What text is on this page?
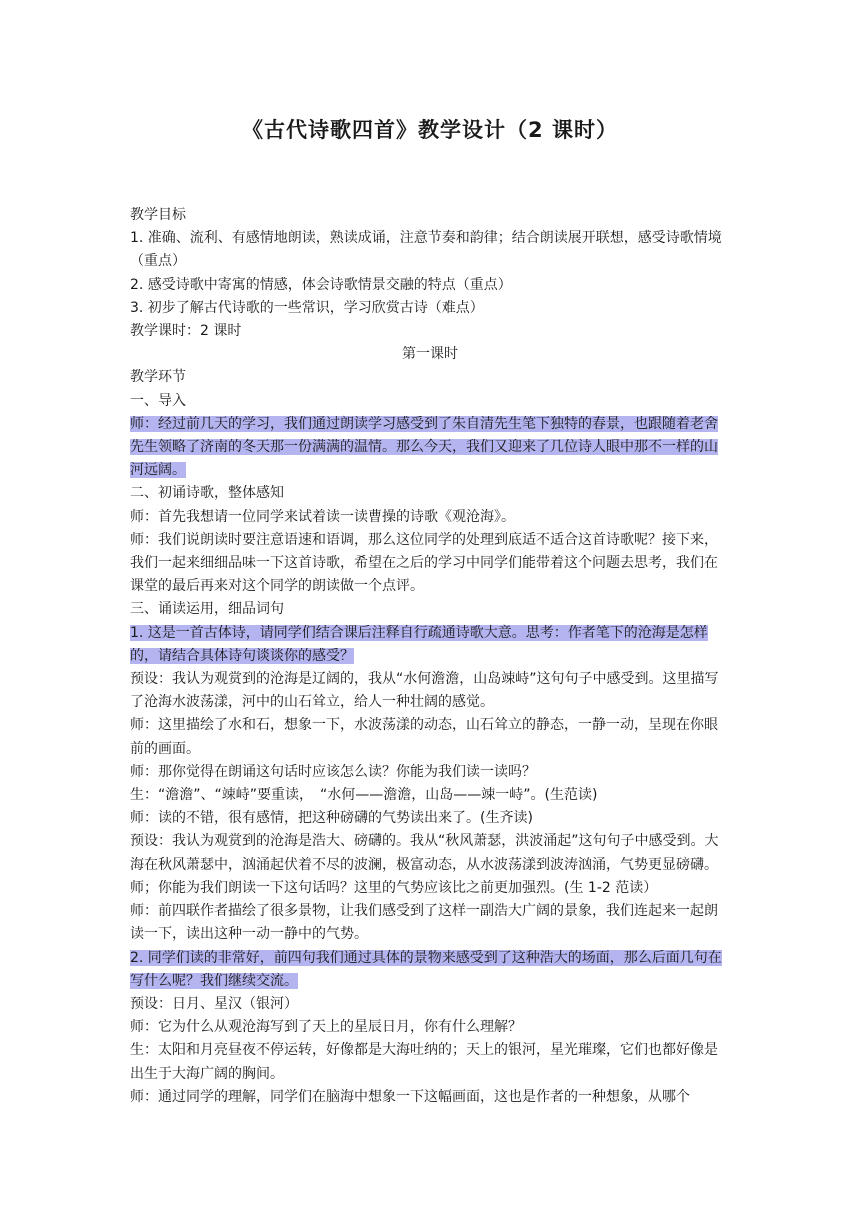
《古代诗歌四首》教学设计（2 课时）
教学目标
1. 准确、流利、有感情地朗读，熟读成诵，注意节奏和韵律；结合朗读展开联想，感受诗歌情境（重点）
2. 感受诗歌中寄寓的情感，体会诗歌情景交融的特点（重点）
3. 初步了解古代诗歌的一些常识，学习欣赏古诗（难点）
教学课时：2 课时
第一课时
教学环节
一、导入
师：经过前几天的学习，我们通过朗读学习感受到了朱自清先生笔下独特的春景，也跟随着老舍先生领略了济南的冬天那一份满满的温情。那么今天，我们又迎来了几位诗人眼中那不一样的山河远阔。
二、初诵诗歌，整体感知
师：首先我想请一位同学来试着读一读曹操的诗歌《观沧海》。
师：我们说朗读时要注意语速和语调，那么这位同学的处理到底适不适合这首诗歌呢？接下来，我们一起来细细品味一下这首诗歌，希望在之后的学习中同学们能带着这个问题去思考，我们在课堂的最后再来对这个同学的朗读做一个点评。
三、诵读运用，细品词句
1. 这是一首古体诗，请同学们结合课后注释自行疏通诗歌大意。思考：作者笔下的沧海是怎样的，请结合具体诗句谈谈你的感受？
预设：我认为观赏到的沧海是辽阔的，我从“水何澹澹，山岛竦峙”这句句子中感受到。这里描写了沧海水波荡漾，河中的山石耸立，给人一种壮阔的感觉。
师：这里描绘了水和石，想象一下，水波荡漾的动态，山石耸立的静态，一静一动，呈现在你眼前的画面。
师：那你觉得在朗诵这句话时应该怎么读？你能为我们读一读吗？
生：“澹澹”、“竦峙”要重读，　“水何——澹澹，山岛——竦一峙”。(生范读)
师：读的不错，很有感情，把这种磅礴的气势读出来了。(生齐读)
预设：我认为观赏到的沧海是浩大、磅礴的。我从“秋风萧瑟，洪波涌起”这句句子中感受到。大海在秋风萧瑟中，汹涌起伏着不尽的波澜，极富动态，从水波荡漾到波涛汹涌，气势更显磅礴。
师；你能为我们朗读一下这句话吗？这里的气势应该比之前更加强烈。(生 1-2 范读）
师：前四联作者描绘了很多景物，让我们感受到了这样一副浩大广阔的景象，我们连起来一起朗读一下，读出这种一动一静中的气势。
2. 同学们读的非常好，前四句我们通过具体的景物来感受到了这种浩大的场面，那么后面几句在写什么呢？我们继续交流。
预设：日月、星汉（银河）
师：它为什么从观沧海写到了天上的星辰日月，你有什么理解？
生：太阳和月亮昼夜不停运转，好像都是大海吐纳的；天上的银河，星光璀璨，它们也都好像是出生于大海广阔的胸间。
师：通过同学的理解，同学们在脑海中想象一下这幅画面，这也是作者的一种想象，从哪个
